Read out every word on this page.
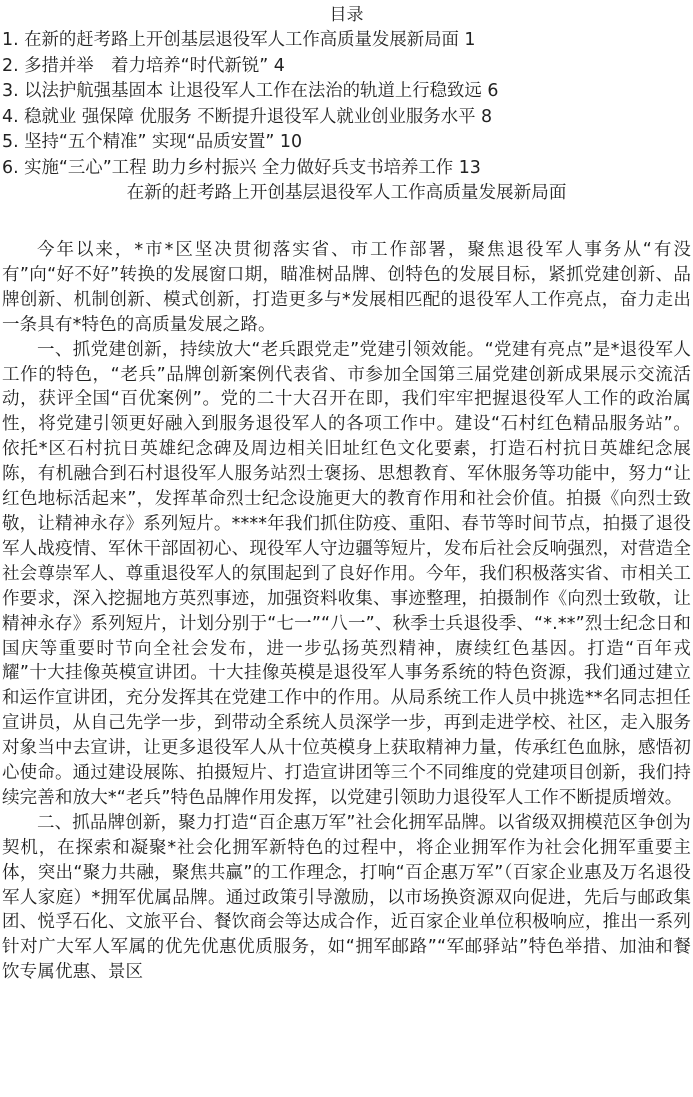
目录
1. 在新的赶考路上开创基层退役军人工作高质量发展新局面 1
2. 多措并举　着力培养“时代新锐” 4
3. 以法护航强基固本 让退役军人工作在法治的轨道上行稳致远 6
4. 稳就业 强保障 优服务 不断提升退役军人就业创业服务水平 8
5. 坚持“五个精准” 实现“品质安置” 10
6. 实施“三心”工程 助力乡村振兴 全力做好兵支书培养工作 13
在新的赶考路上开创基层退役军人工作高质量发展新局面

今年以来，*市*区坚决贯彻落实省、市工作部署，聚焦退役军人事务从“有没有”向“好不好”转换的发展窗口期，瞄准树品牌、创特色的发展目标，紧抓党建创新、品牌创新、机制创新、模式创新，打造更多与*发展相匹配的退役军人工作亮点，奋力走出一条具有*特色的高质量发展之路。

一、抓党建创新，持续放大“老兵跟党走”党建引领效能。“党建有亮点”是*退役军人工作的特色，“老兵”品牌创新案例代表省、市参加全国第三届党建创新成果展示交流活动，获评全国“百优案例”。党的二十大召开在即，我们牢牢把握退役军人工作的政治属性，将党建引领更好融入到服务退役军人的各项工作中。建设“石村红色精品服务站”。依托*区石村抗日英雄纪念碑及周边相关旧址红色文化要素，打造石村抗日英雄纪念展陈，有机融合到石村退役军人服务站烈士褒扬、思想教育、军休服务等功能中，努力“让红色地标活起来”，发挥革命烈士纪念设施更大的教育作用和社会价值。拍摄《向烈士致敬，让精神永存》系列短片。****年我们抓住防疫、重阳、春节等时间节点，拍摄了退役军人战疫情、军休干部固初心、现役军人守边疆等短片，发布后社会反响强烈，对营造全社会尊崇军人、尊重退役军人的氛围起到了良好作用。今年，我们积极落实省、市相关工作要求，深入挖掘地方英烈事迹，加强资料收集、事迹整理，拍摄制作《向烈士致敬，让精神永存》系列短片，计划分别于“七一”“八一”、秋季士兵退役季、“*.**”烈士纪念日和国庆等重要时节向全社会发布，进一步弘扬英烈精神，赓续红色基因。打造“百年戎耀”十大挂像英模宣讲团。十大挂像英模是退役军人事务系统的特色资源，我们通过建立和运作宣讲团，充分发挥其在党建工作中的作用。从局系统工作人员中挑选**名同志担任宣讲员，从自己先学一步，到带动全系统人员深学一步，再到走进学校、社区，走入服务对象当中去宣讲，让更多退役军人从十位英模身上获取精神力量，传承红色血脉，感悟初心使命。通过建设展陈、拍摄短片、打造宣讲团等三个不同维度的党建项目创新，我们持续完善和放大*“老兵”特色品牌作用发挥，以党建引领助力退役军人工作不断提质增效。

二、抓品牌创新，聚力打造“百企惠万军”社会化拥军品牌。以省级双拥模范区争创为契机，在探索和凝聚*社会化拥军新特色的过程中，将企业拥军作为社会化拥军重要主体，突出“聚力共融，聚焦共赢”的工作理念，打响“百企惠万军”（百家企业惠及万名退役军人家庭）*拥军优属品牌。通过政策引导激励，以市场换资源双向促进，先后与邮政集团、悦孚石化、文旅平台、餐饮商会等达成合作，近百家企业单位积极响应，推出一系列针对广大军人军属的优先优惠优质服务，如“拥军邮路”“军邮驿站”特色举措、加油和餐饮专属优惠、景区
